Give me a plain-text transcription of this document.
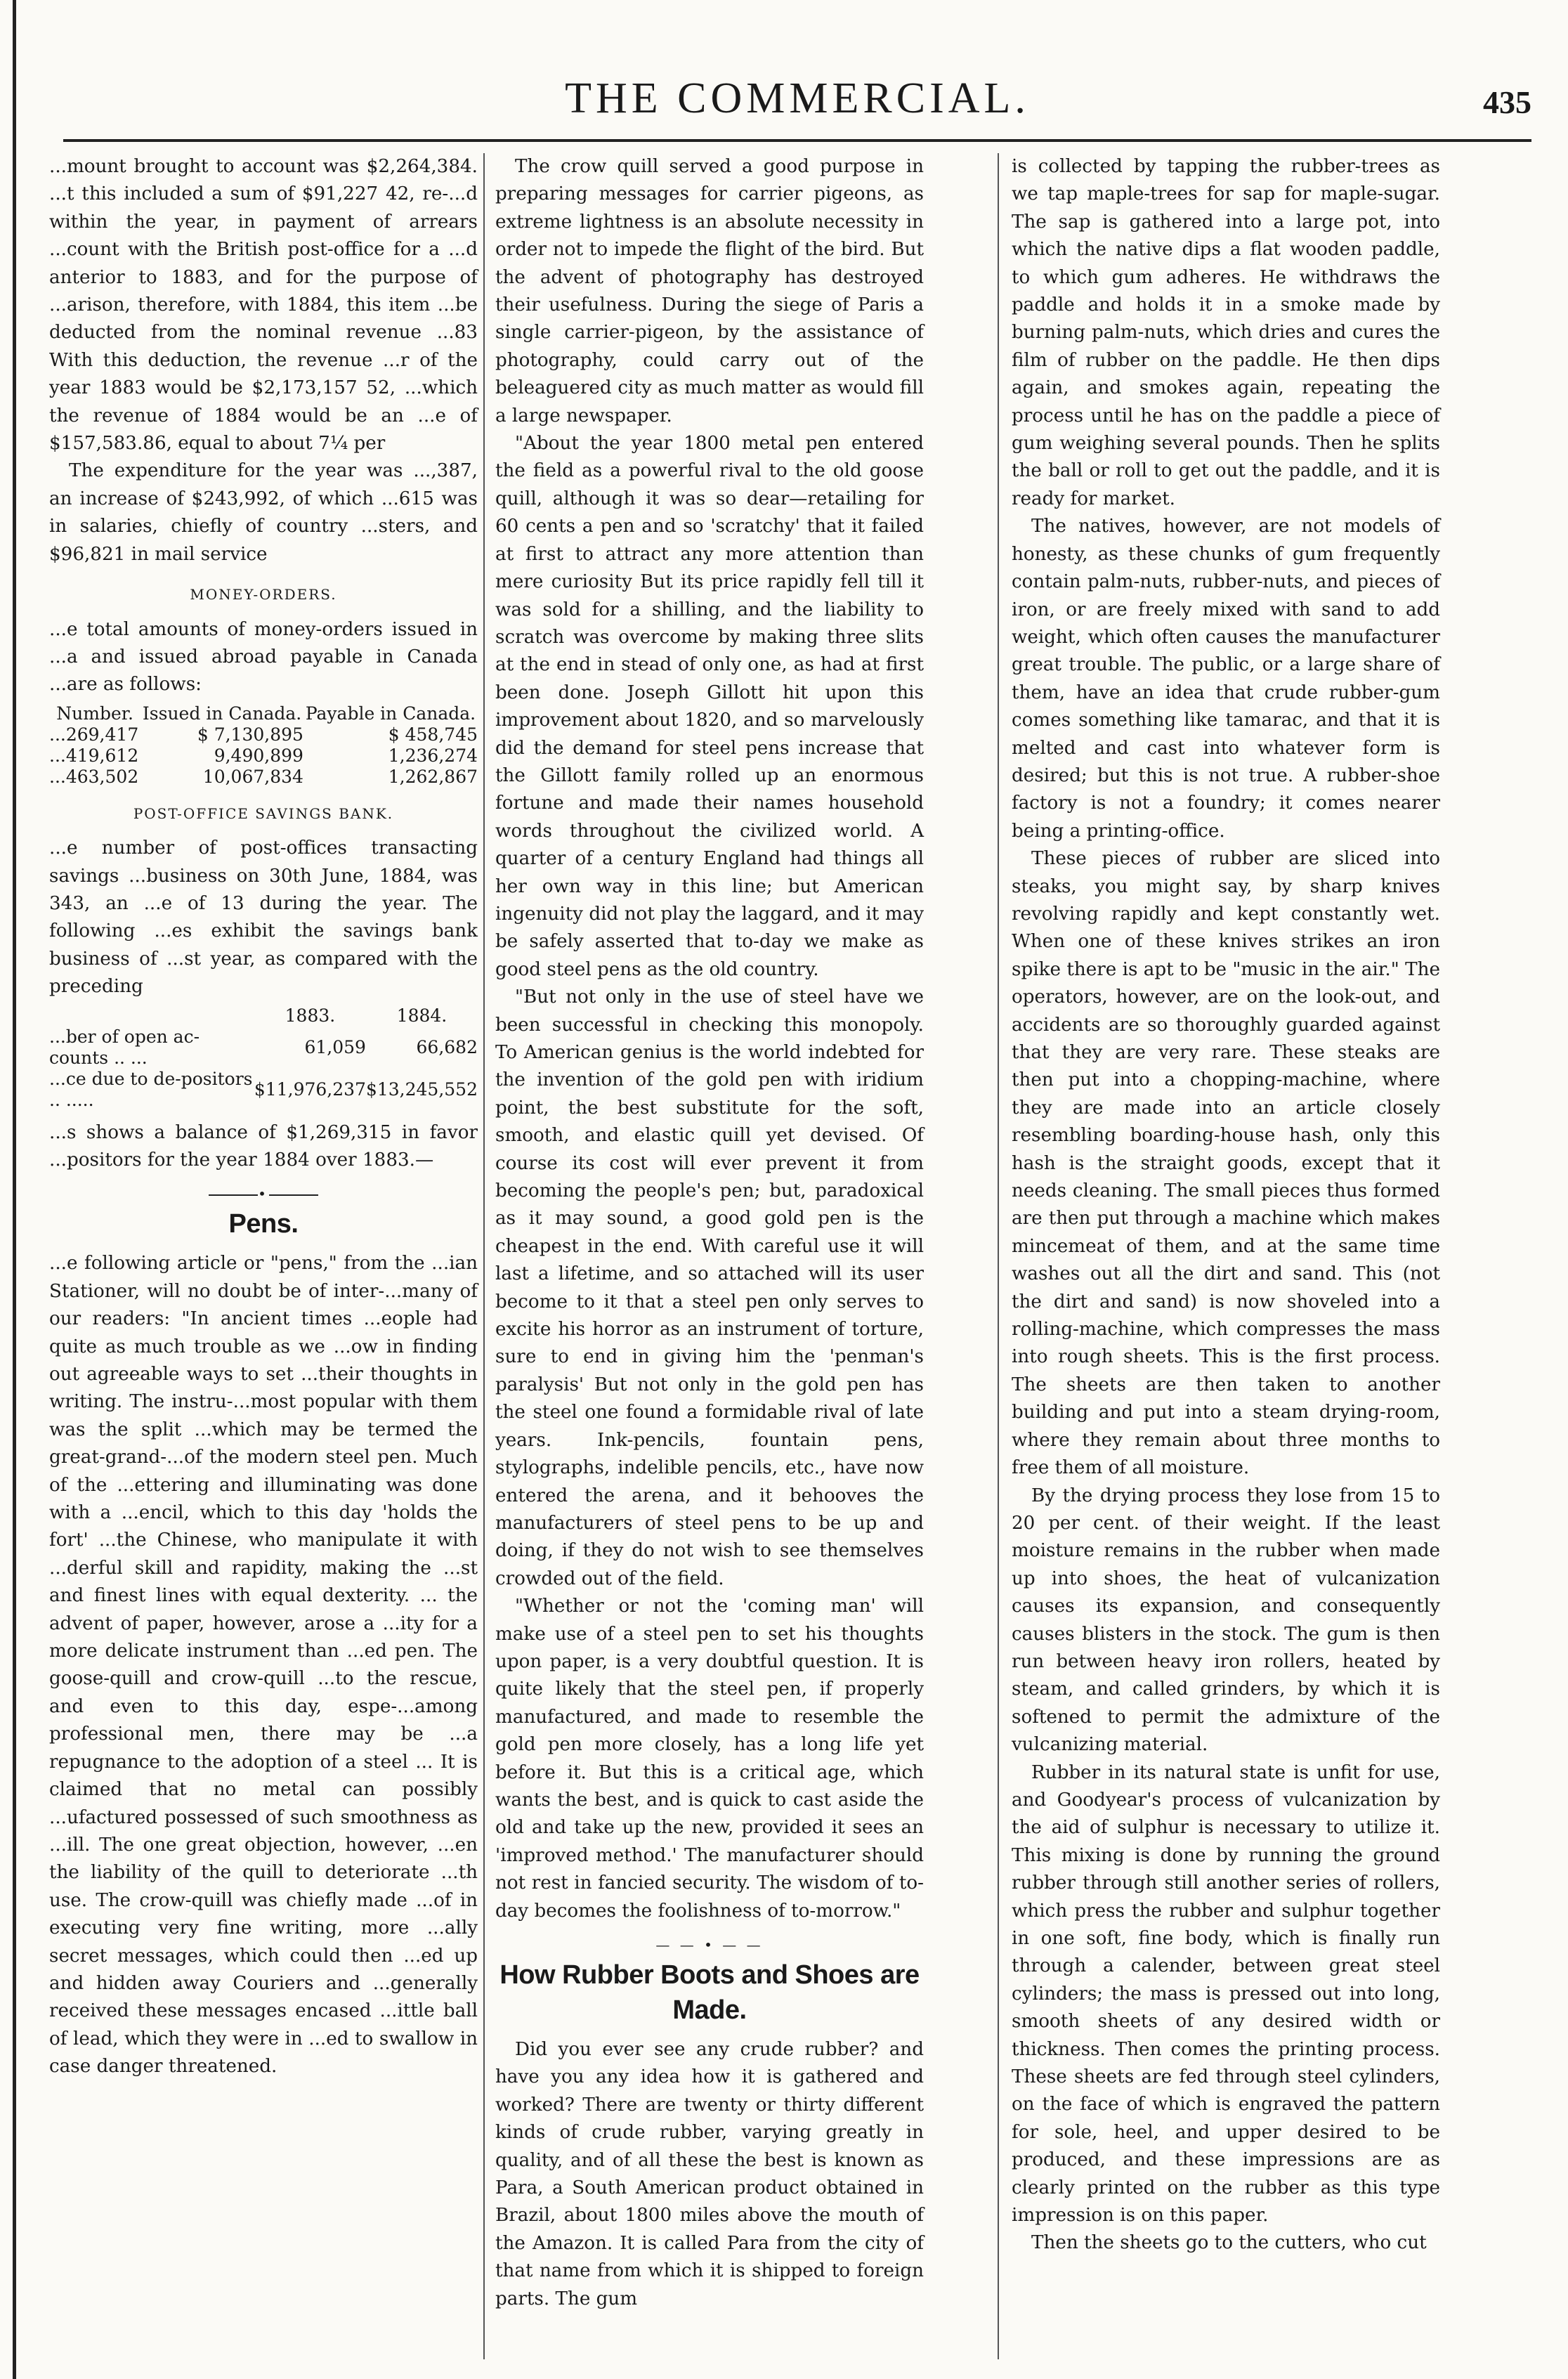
THE COMMERCIAL.	435

...mount brought to account was $2,264,384. ...t this included a sum of $91,227 42, re-...d within the year, in payment of arrears ...count with the British post-office for a ...d anterior to 1883, and for the purpose of ...arison, therefore, with 1884, this item ...be deducted from the nominal revenue ...83 With this deduction, the revenue ...r of the year 1883 would be $2,173,157 52, ...which the revenue of 1884 would be an ...e of $157,583.86, equal to about 7¼ per

The expenditure for the year was ...,387, an increase of $243,992, of which ...615 was in salaries, chiefly of country ...sters, and $96,821 in mail service

MONEY-ORDERS.

...e total amounts of money-orders issued in ...a and issued abroad payable in Canada ...are as follows:

Number.	Issued in Canada.	Payable in Canada.
...269,417	$ 7,130,895	$ 458,745
...419,612	9,490,899	1,236,274
...463,502	10,067,834	1,262,867
POST-OFFICE SAVINGS BANK.

...e number of post-offices transacting savings ...business on 30th June, 1884, was 343, an ...e of 13 during the year. The following ...es exhibit the savings bank business of ...st year, as compared with the preceding

	1883.	1884.
...ber of open ac-counts .. ...	61,059	66,682
...ce due to de-positors .. .....	$11,976,237	$13,245,552

...s shows a balance of $1,269,315 in favor ...positors for the year 1884 over 1883.—

•
Pens.

...e following article or "pens," from the ...ian Stationer, will no doubt be of inter-...many of our readers: "In ancient times ...eople had quite as much trouble as we ...ow in finding out agreeable ways to set ...their thoughts in writing. The instru-...most popular with them was the split ...which may be termed the great-grand-...of the modern steel pen. Much of the ...ettering and illuminating was done with a ...encil, which to this day 'holds the fort' ...the Chinese, who manipulate it with ...derful skill and rapidity, making the ...st and finest lines with equal dexterity. ... the advent of paper, however, arose a ...ity for a more delicate instrument than ...ed pen. The goose-quill and crow-quill ...to the rescue, and even to this day, espe-...among professional men, there may be ...a repugnance to the adoption of a steel ... It is claimed that no metal can possibly ...ufactured possessed of such smoothness as ...ill. The one great objection, however, ...en the liability of the quill to deteriorate ...th use. The crow-quill was chiefly made ...of in executing very fine writing, more ...ally secret messages, which could then ...ed up and hidden away Couriers and ...generally received these messages encased ...ittle ball of lead, which they were in ...ed to swallow in case danger threatened.

The crow quill served a good purpose in preparing messages for carrier pigeons, as extreme lightness is an absolute necessity in order not to impede the flight of the bird. But the advent of photography has destroyed their usefulness. During the siege of Paris a single carrier-pigeon, by the assistance of photography, could carry out of the beleaguered city as much matter as would fill a large newspaper.

"About the year 1800 metal pen entered the field as a powerful rival to the old goose quill, although it was so dear—retailing for 60 cents a pen and so 'scratchy' that it failed at first to attract any more attention than mere curiosity But its price rapidly fell till it was sold for a shilling, and the liability to scratch was overcome by making three slits at the end in stead of only one, as had at first been done. Joseph Gillott hit upon this improvement about 1820, and so marvelously did the demand for steel pens increase that the Gillott family rolled up an enormous fortune and made their names household words throughout the civilized world. A quarter of a century England had things all her own way in this line; but American ingenuity did not play the laggard, and it may be safely asserted that to-day we make as good steel pens as the old country.

"But not only in the use of steel have we been successful in checking this monopoly. To American genius is the world indebted for the invention of the gold pen with iridium point, the best substitute for the soft, smooth, and elastic quill yet devised. Of course its cost will ever prevent it from becoming the people's pen; but, paradoxical as it may sound, a good gold pen is the cheapest in the end. With careful use it will last a lifetime, and so attached will its user become to it that a steel pen only serves to excite his horror as an instrument of torture, sure to end in giving him the 'penman's paralysis' But not only in the gold pen has the steel one found a formidable rival of late years. Ink-pencils, fountain pens, stylographs, indelible pencils, etc., have now entered the arena, and it behooves the manufacturers of steel pens to be up and doing, if they do not wish to see themselves crowded out of the field.

"Whether or not the 'coming man' will make use of a steel pen to set his thoughts upon paper, is a very doubtful question. It is quite likely that the steel pen, if properly manufactured, and made to resemble the gold pen more closely, has a long life yet before it. But this is a critical age, which wants the best, and is quick to cast aside the old and take up the new, provided it sees an 'improved method.' The manufacturer should not rest in fancied security. The wisdom of to-day becomes the foolishness of to-morrow."

— — • — —
How Rubber Boots and Shoes are Made.

Did you ever see any crude rubber? and have you any idea how it is gathered and worked? There are twenty or thirty different kinds of crude rubber, varying greatly in quality, and of all these the best is known as Para, a South American product obtained in Brazil, about 1800 miles above the mouth of the Amazon. It is called Para from the city of that name from which it is shipped to foreign parts. The gum

is collected by tapping the rubber-trees as we tap maple-trees for sap for maple-sugar. The sap is gathered into a large pot, into which the native dips a flat wooden paddle, to which gum adheres. He withdraws the paddle and holds it in a smoke made by burning palm-nuts, which dries and cures the film of rubber on the paddle. He then dips again, and smokes again, repeating the process until he has on the paddle a piece of gum weighing several pounds. Then he splits the ball or roll to get out the paddle, and it is ready for market.

The natives, however, are not models of honesty, as these chunks of gum frequently contain palm-nuts, rubber-nuts, and pieces of iron, or are freely mixed with sand to add weight, which often causes the manufacturer great trouble. The public, or a large share of them, have an idea that crude rubber-gum comes something like tamarac, and that it is melted and cast into whatever form is desired; but this is not true. A rubber-shoe factory is not a foundry; it comes nearer being a printing-office.

These pieces of rubber are sliced into steaks, you might say, by sharp knives revolving rapidly and kept constantly wet. When one of these knives strikes an iron spike there is apt to be "music in the air." The operators, however, are on the look-out, and accidents are so thoroughly guarded against that they are very rare. These steaks are then put into a chopping-machine, where they are made into an article closely resembling boarding-house hash, only this hash is the straight goods, except that it needs cleaning. The small pieces thus formed are then put through a machine which makes mincemeat of them, and at the same time washes out all the dirt and sand. This (not the dirt and sand) is now shoveled into a rolling-machine, which compresses the mass into rough sheets. This is the first process. The sheets are then taken to another building and put into a steam drying-room, where they remain about three months to free them of all moisture.

By the drying process they lose from 15 to 20 per cent. of their weight. If the least moisture remains in the rubber when made up into shoes, the heat of vulcanization causes its expansion, and consequently causes blisters in the stock. The gum is then run between heavy iron rollers, heated by steam, and called grinders, by which it is softened to permit the admixture of the vulcanizing material.

Rubber in its natural state is unfit for use, and Goodyear's process of vulcanization by the aid of sulphur is necessary to utilize it. This mixing is done by running the ground rubber through still another series of rollers, which press the rubber and sulphur together in one soft, fine body, which is finally run through a calender, between great steel cylinders; the mass is pressed out into long, smooth sheets of any desired width or thickness. Then comes the printing process. These sheets are fed through steel cylinders, on the face of which is engraved the pattern for sole, heel, and upper desired to be produced, and these impressions are as clearly printed on the rubber as this type impression is on this paper.

Then the sheets go to the cutters, who cut
